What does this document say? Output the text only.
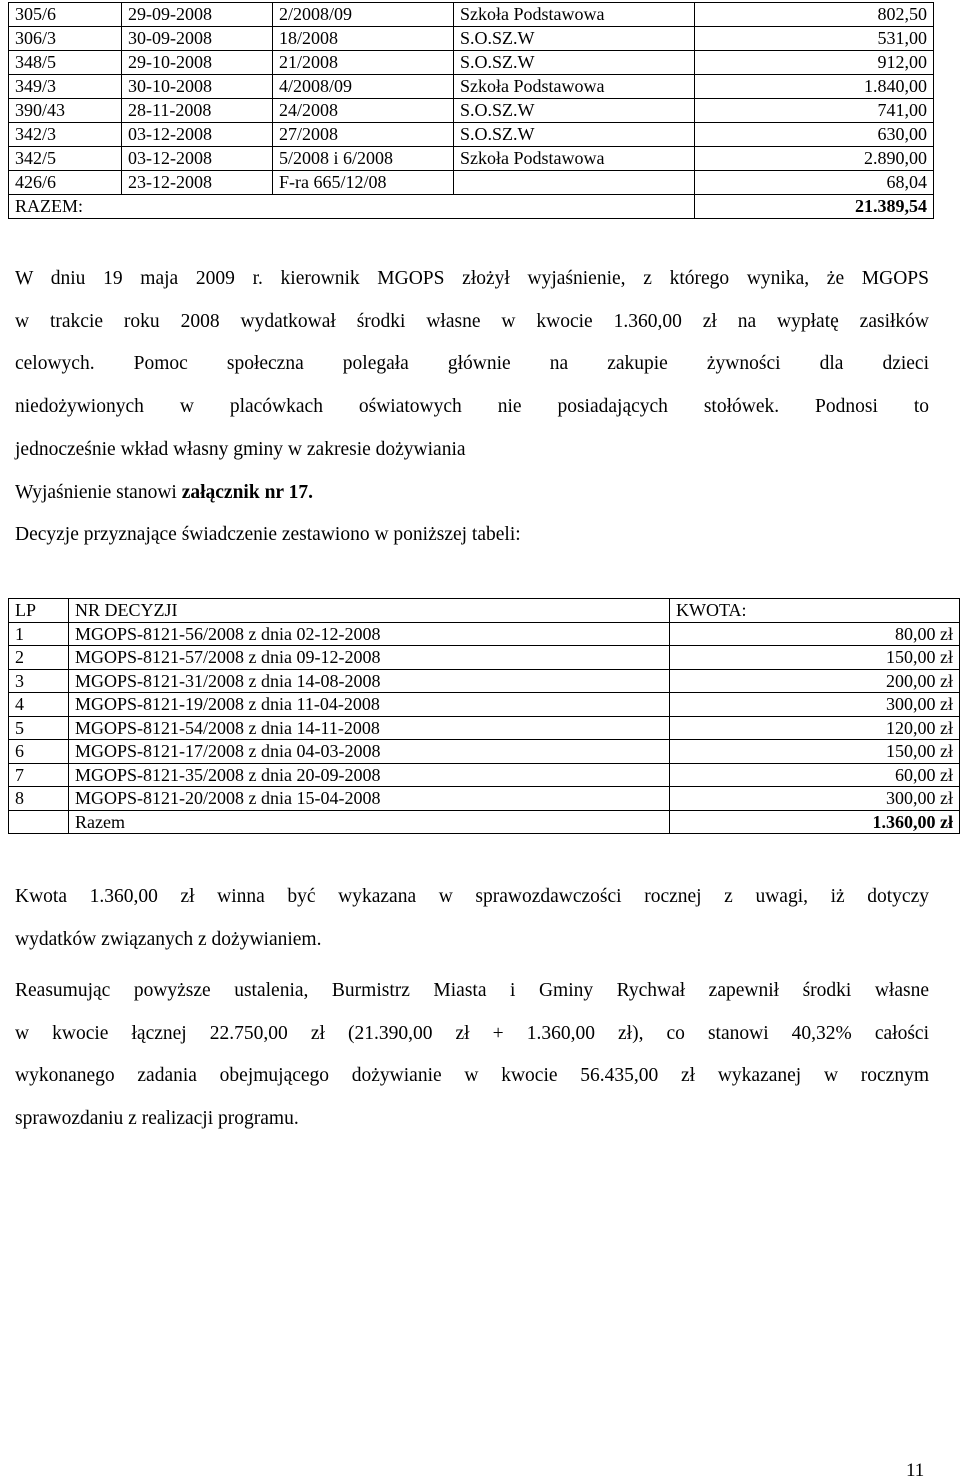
305/6	29-09-2008	2/2008/09	Szkoła Podstawowa	802,50
306/3	30-09-2008	18/2008	S.O.SZ.W	531,00
348/5	29-10-2008	21/2008	S.O.SZ.W	912,00
349/3	30-10-2008	4/2008/09	Szkoła Podstawowa	1.840,00
390/43	28-11-2008	24/2008	S.O.SZ.W	741,00
342/3	03-12-2008	27/2008	S.O.SZ.W	630,00
342/5	03-12-2008	5/2008 i 6/2008	Szkoła Podstawowa	2.890,00
426/6	23-12-2008	F-ra 665/12/08		68,04
RAZEM:				21.389,54
W dniu 19 maja 2009 r. kierownik MGOPS złożył wyjaśnienie, z którego wynika, że MGOPS
w trakcie roku 2008 wydatkował środki własne w kwocie 1.360,00 zł na wypłatę zasiłków
celowych. Pomoc społeczna polegała głównie na zakupie żywności dla dzieci
niedożywionych w placówkach oświatowych nie posiadających stołówek. Podnosi to
jednocześnie wkład własny gminy w zakresie dożywiania
Wyjaśnienie stanowi załącznik nr 17.
Decyzje przyznające świadczenie zestawiono w poniższej tabeli:
LP	NR DECYZJI	KWOTA:
1	MGOPS-8121-56/2008 z dnia 02-12-2008	80,00 zł
2	MGOPS-8121-57/2008 z dnia 09-12-2008	150,00 zł
3	MGOPS-8121-31/2008 z dnia 14-08-2008	200,00 zł
4	MGOPS-8121-19/2008 z dnia 11-04-2008	300,00 zł
5	MGOPS-8121-54/2008 z dnia 14-11-2008	120,00 zł
6	MGOPS-8121-17/2008 z dnia 04-03-2008	150,00 zł
7	MGOPS-8121-35/2008 z dnia 20-09-2008	60,00 zł
8	MGOPS-8121-20/2008 z dnia 15-04-2008	300,00 zł
	Razem	1.360,00 zł
Kwota 1.360,00 zł winna być wykazana w sprawozdawczości rocznej z uwagi, iż dotyczy
wydatków związanych z dożywianiem.
Reasumując powyższe ustalenia, Burmistrz Miasta i Gminy Rychwał zapewnił środki własne
w kwocie łącznej 22.750,00 zł (21.390,00 zł + 1.360,00 zł), co stanowi 40,32% całości
wykonanego zadania obejmującego dożywianie w kwocie 56.435,00 zł wykazanej w rocznym
sprawozdaniu z realizacji programu.
11
